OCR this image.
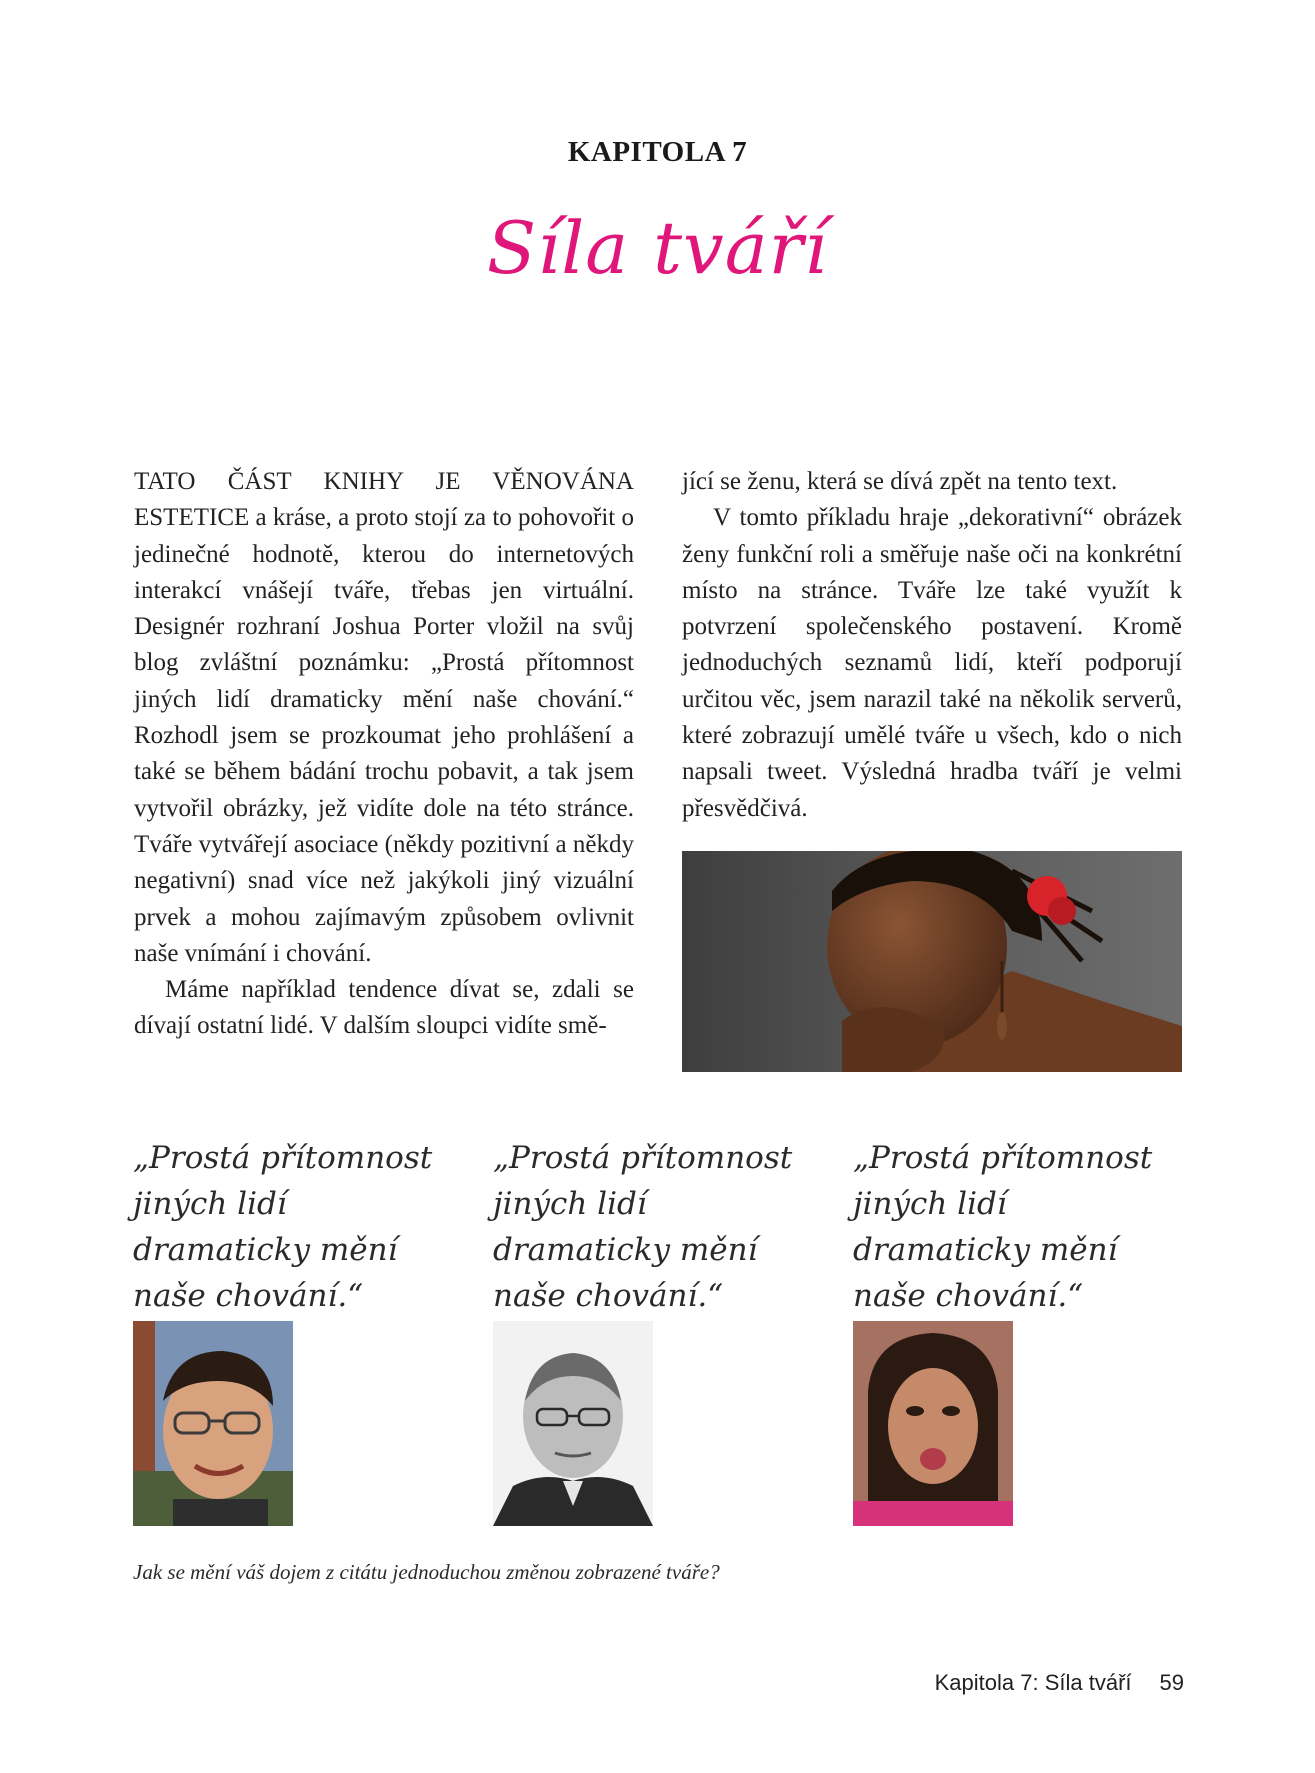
KAPITOLA 7
Síla tváří

TATO ČÁST KNIHY JE VĚNOVÁNA ESTETICE a kráse, a proto stojí za to pohovořit o jedinečné hodnotě, kterou do internetových interakcí vnášejí tváře, třebas jen virtuální. Designér rozhraní Joshua Porter vložil na svůj blog zvláštní poznámku: „Prostá přítomnost jiných lidí dramaticky mění naše chování.“ Rozhodl jsem se prozkoumat jeho prohlášení a také se během bádání trochu pobavit, a tak jsem vytvořil obrázky, jež vidíte dole na této stránce. Tváře vytvářejí asociace (někdy pozitivní a někdy negativní) snad více než jakýkoli jiný vizuální prvek a mohou zajímavým způsobem ovlivnit naše vnímání i chování.

Máme například tendence dívat se, zdali se dívají ostatní lidé. V dalším sloupci vidíte smě-

jící se ženu, která se dívá zpět na tento text.

V tomto příkladu hraje „dekorativní“ obrázek ženy funkční roli a směřuje naše oči na konkrétní místo na stránce. Tváře lze také využít k potvrzení společenského postavení. Kromě jednoduchých seznamů lidí, kteří podporují určitou věc, jsem narazil také na několik serverů, které zobrazují umělé tváře u všech, kdo o nich napsali tweet. Výsledná hradba tváří je velmi přesvědčivá.

„Prostá přítomnost jiných lidí dramaticky mění naše chování.“

„Prostá přítomnost jiných lidí dramaticky mění naše chování.“

„Prostá přítomnost jiných lidí dramaticky mění naše chování.“

Jak se mění váš dojem z citátu jednoduchou změnou zobrazené tváře?
Kapitola 7: Síla tváří 59
